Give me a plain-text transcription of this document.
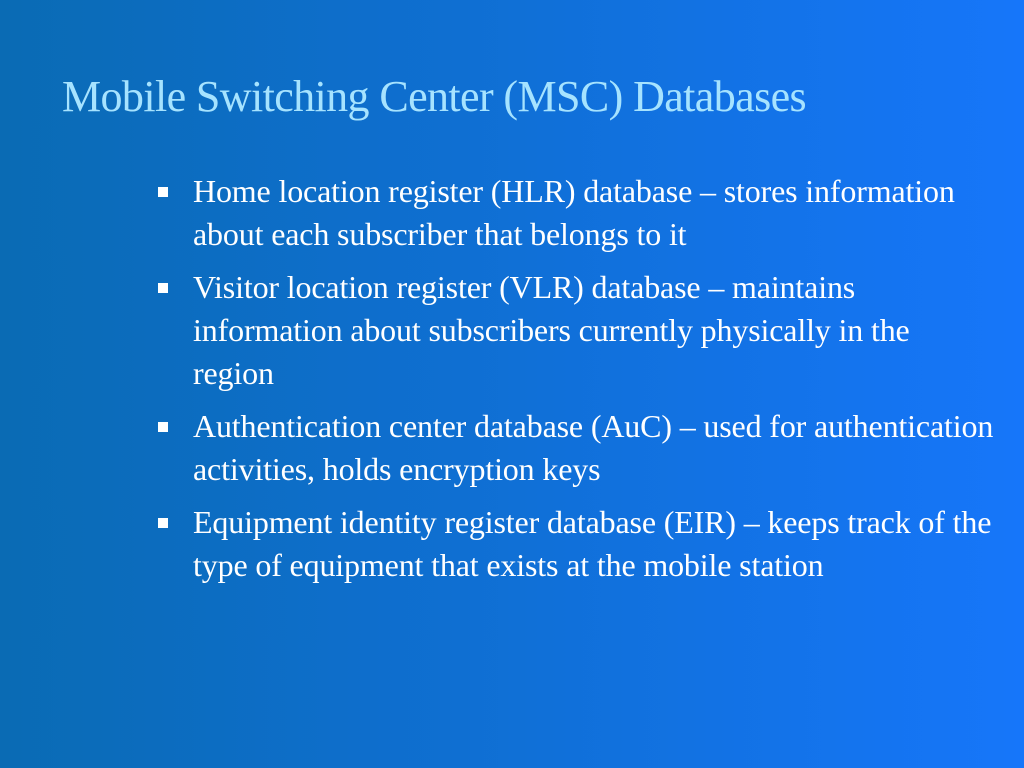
Mobile Switching Center (MSC) Databases
Home location register (HLR) database – stores information about each subscriber that belongs to it
Visitor location register (VLR) database – maintains information about subscribers currently physically in the region
Authentication center database (AuC) – used for authentication activities, holds encryption keys
Equipment identity register database (EIR) – keeps track of the type of equipment that exists at the mobile station
